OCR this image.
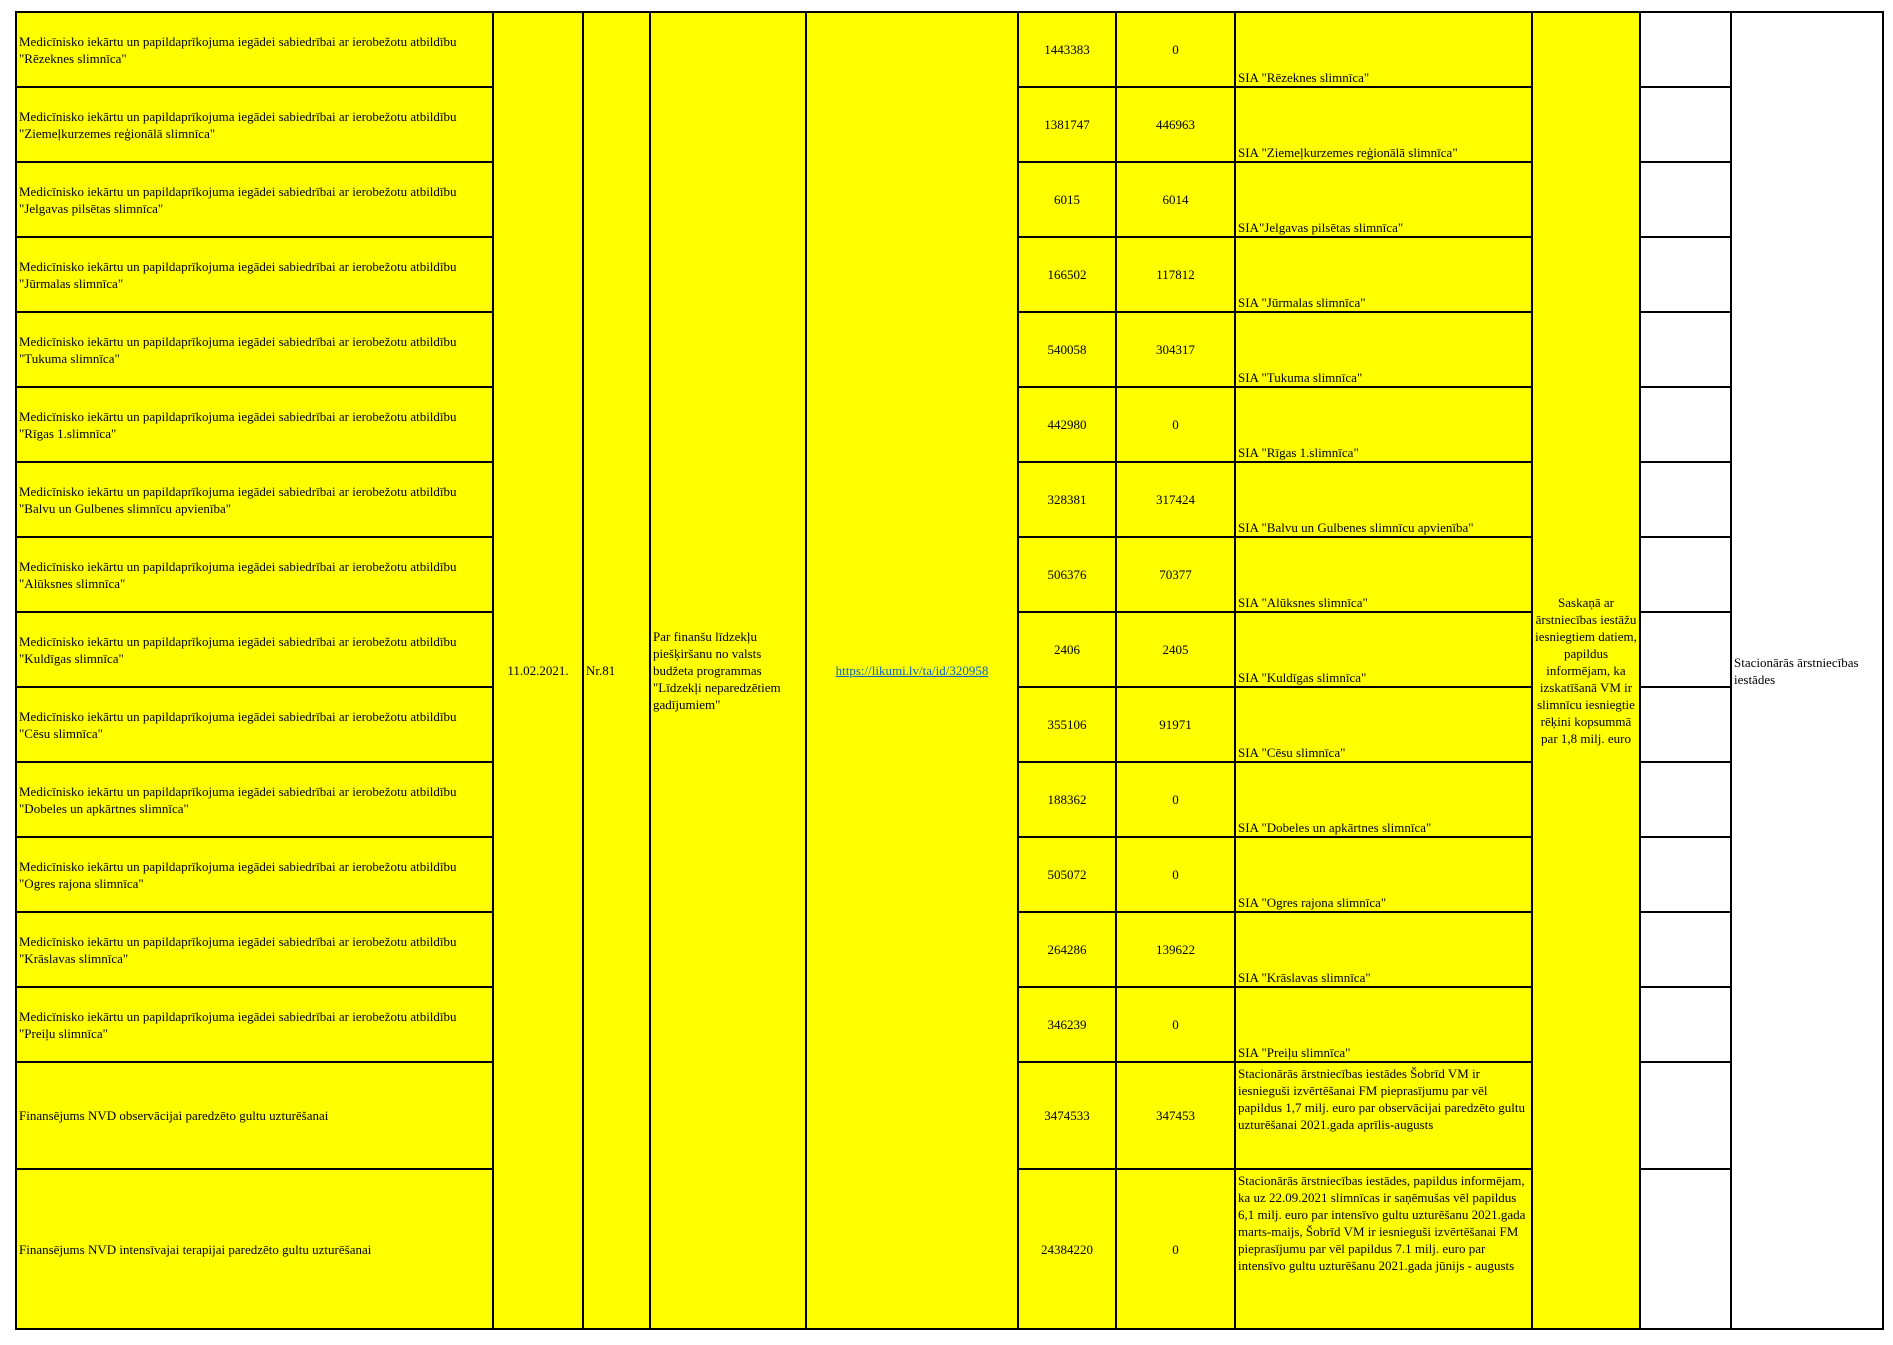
Medicīnisko iekārtu un papildaprīkojuma iegādei sabiedrībai ar ierobežotu atbildību "Rēzeknes slimnīca"	11.02.2021.	Nr.81	Par finanšu līdzekļu piešķiršanu no valsts budžeta programmas "Līdzekļi neparedzētiem gadījumiem"	https://likumi.lv/ta/id/320958	1443383	0	SIA "Rēzeknes slimnīca"	Saskaņā ar ārstniecības iestāžu iesniegtiem datiem, papildus informējam, ka izskatīšanā VM ir slimnīcu iesniegtie rēķini kopsummā par 1,8 milj. euro		Stacionārās ārstniecības iestādes
Medicīnisko iekārtu un papildaprīkojuma iegādei sabiedrībai ar ierobežotu atbildību "Ziemeļkurzemes reģionālā slimnīca"					1381747	446963	SIA "Ziemeļkurzemes reģionālā slimnīca"			
Medicīnisko iekārtu un papildaprīkojuma iegādei sabiedrībai ar ierobežotu atbildību "Jelgavas pilsētas slimnīca"					6015	6014	SIA"Jelgavas pilsētas slimnīca"			
Medicīnisko iekārtu un papildaprīkojuma iegādei sabiedrībai ar ierobežotu atbildību "Jūrmalas slimnīca"					166502	117812	SIA "Jūrmalas slimnīca"			
Medicīnisko iekārtu un papildaprīkojuma iegādei sabiedrībai ar ierobežotu atbildību "Tukuma slimnīca"					540058	304317	SIA "Tukuma slimnīca"			
Medicīnisko iekārtu un papildaprīkojuma iegādei sabiedrībai ar ierobežotu atbildību "Rīgas 1.slimnīca"					442980	0	SIA "Rīgas 1.slimnīca"			
Medicīnisko iekārtu un papildaprīkojuma iegādei sabiedrībai ar ierobežotu atbildību "Balvu un Gulbenes slimnīcu apvienība"					328381	317424	SIA "Balvu un Gulbenes slimnīcu apvienība"			
Medicīnisko iekārtu un papildaprīkojuma iegādei sabiedrībai ar ierobežotu atbildību "Alūksnes slimnīca"					506376	70377	SIA "Alūksnes slimnīca"			
Medicīnisko iekārtu un papildaprīkojuma iegādei sabiedrībai ar ierobežotu atbildību "Kuldīgas slimnīca"					2406	2405	SIA "Kuldīgas slimnīca"			
Medicīnisko iekārtu un papildaprīkojuma iegādei sabiedrībai ar ierobežotu atbildību "Cēsu slimnīca"					355106	91971	SIA "Cēsu slimnīca"			
Medicīnisko iekārtu un papildaprīkojuma iegādei sabiedrībai ar ierobežotu atbildību "Dobeles un apkārtnes slimnīca"					188362	0	SIA "Dobeles un apkārtnes slimnīca"			
Medicīnisko iekārtu un papildaprīkojuma iegādei sabiedrībai ar ierobežotu atbildību "Ogres rajona slimnīca"					505072	0	SIA "Ogres rajona slimnīca"			
Medicīnisko iekārtu un papildaprīkojuma iegādei sabiedrībai ar ierobežotu atbildību "Krāslavas slimnīca"					264286	139622	SIA "Krāslavas slimnīca"			
Medicīnisko iekārtu un papildaprīkojuma iegādei sabiedrībai ar ierobežotu atbildību "Preiļu slimnīca"					346239	0	SIA "Preiļu slimnīca"			
Finansējums NVD observācijai paredzēto gultu uzturēšanai					3474533	347453	Stacionārās ārstniecības iestādes Šobrīd VM ir iesnieguši izvērtēšanai FM pieprasījumu par vēl papildus 1,7 milj. euro par observācijai paredzēto gultu uzturēšanai 2021.gada aprīlis-augusts			
Finansējums NVD intensīvajai terapijai paredzēto gultu uzturēšanai					24384220	0	Stacionārās ārstniecības iestādes, papildus informējam, ka uz 22.09.2021 slimnīcas ir saņēmušas vēl papildus 6,1 milj. euro par intensīvo gultu uzturēšanu 2021.gada marts-maijs, Šobrīd VM ir iesnieguši izvērtēšanai FM pieprasījumu par vēl papildus 7.1 milj. euro par intensīvo gultu uzturēšanu 2021.gada jūnijs - augusts			
